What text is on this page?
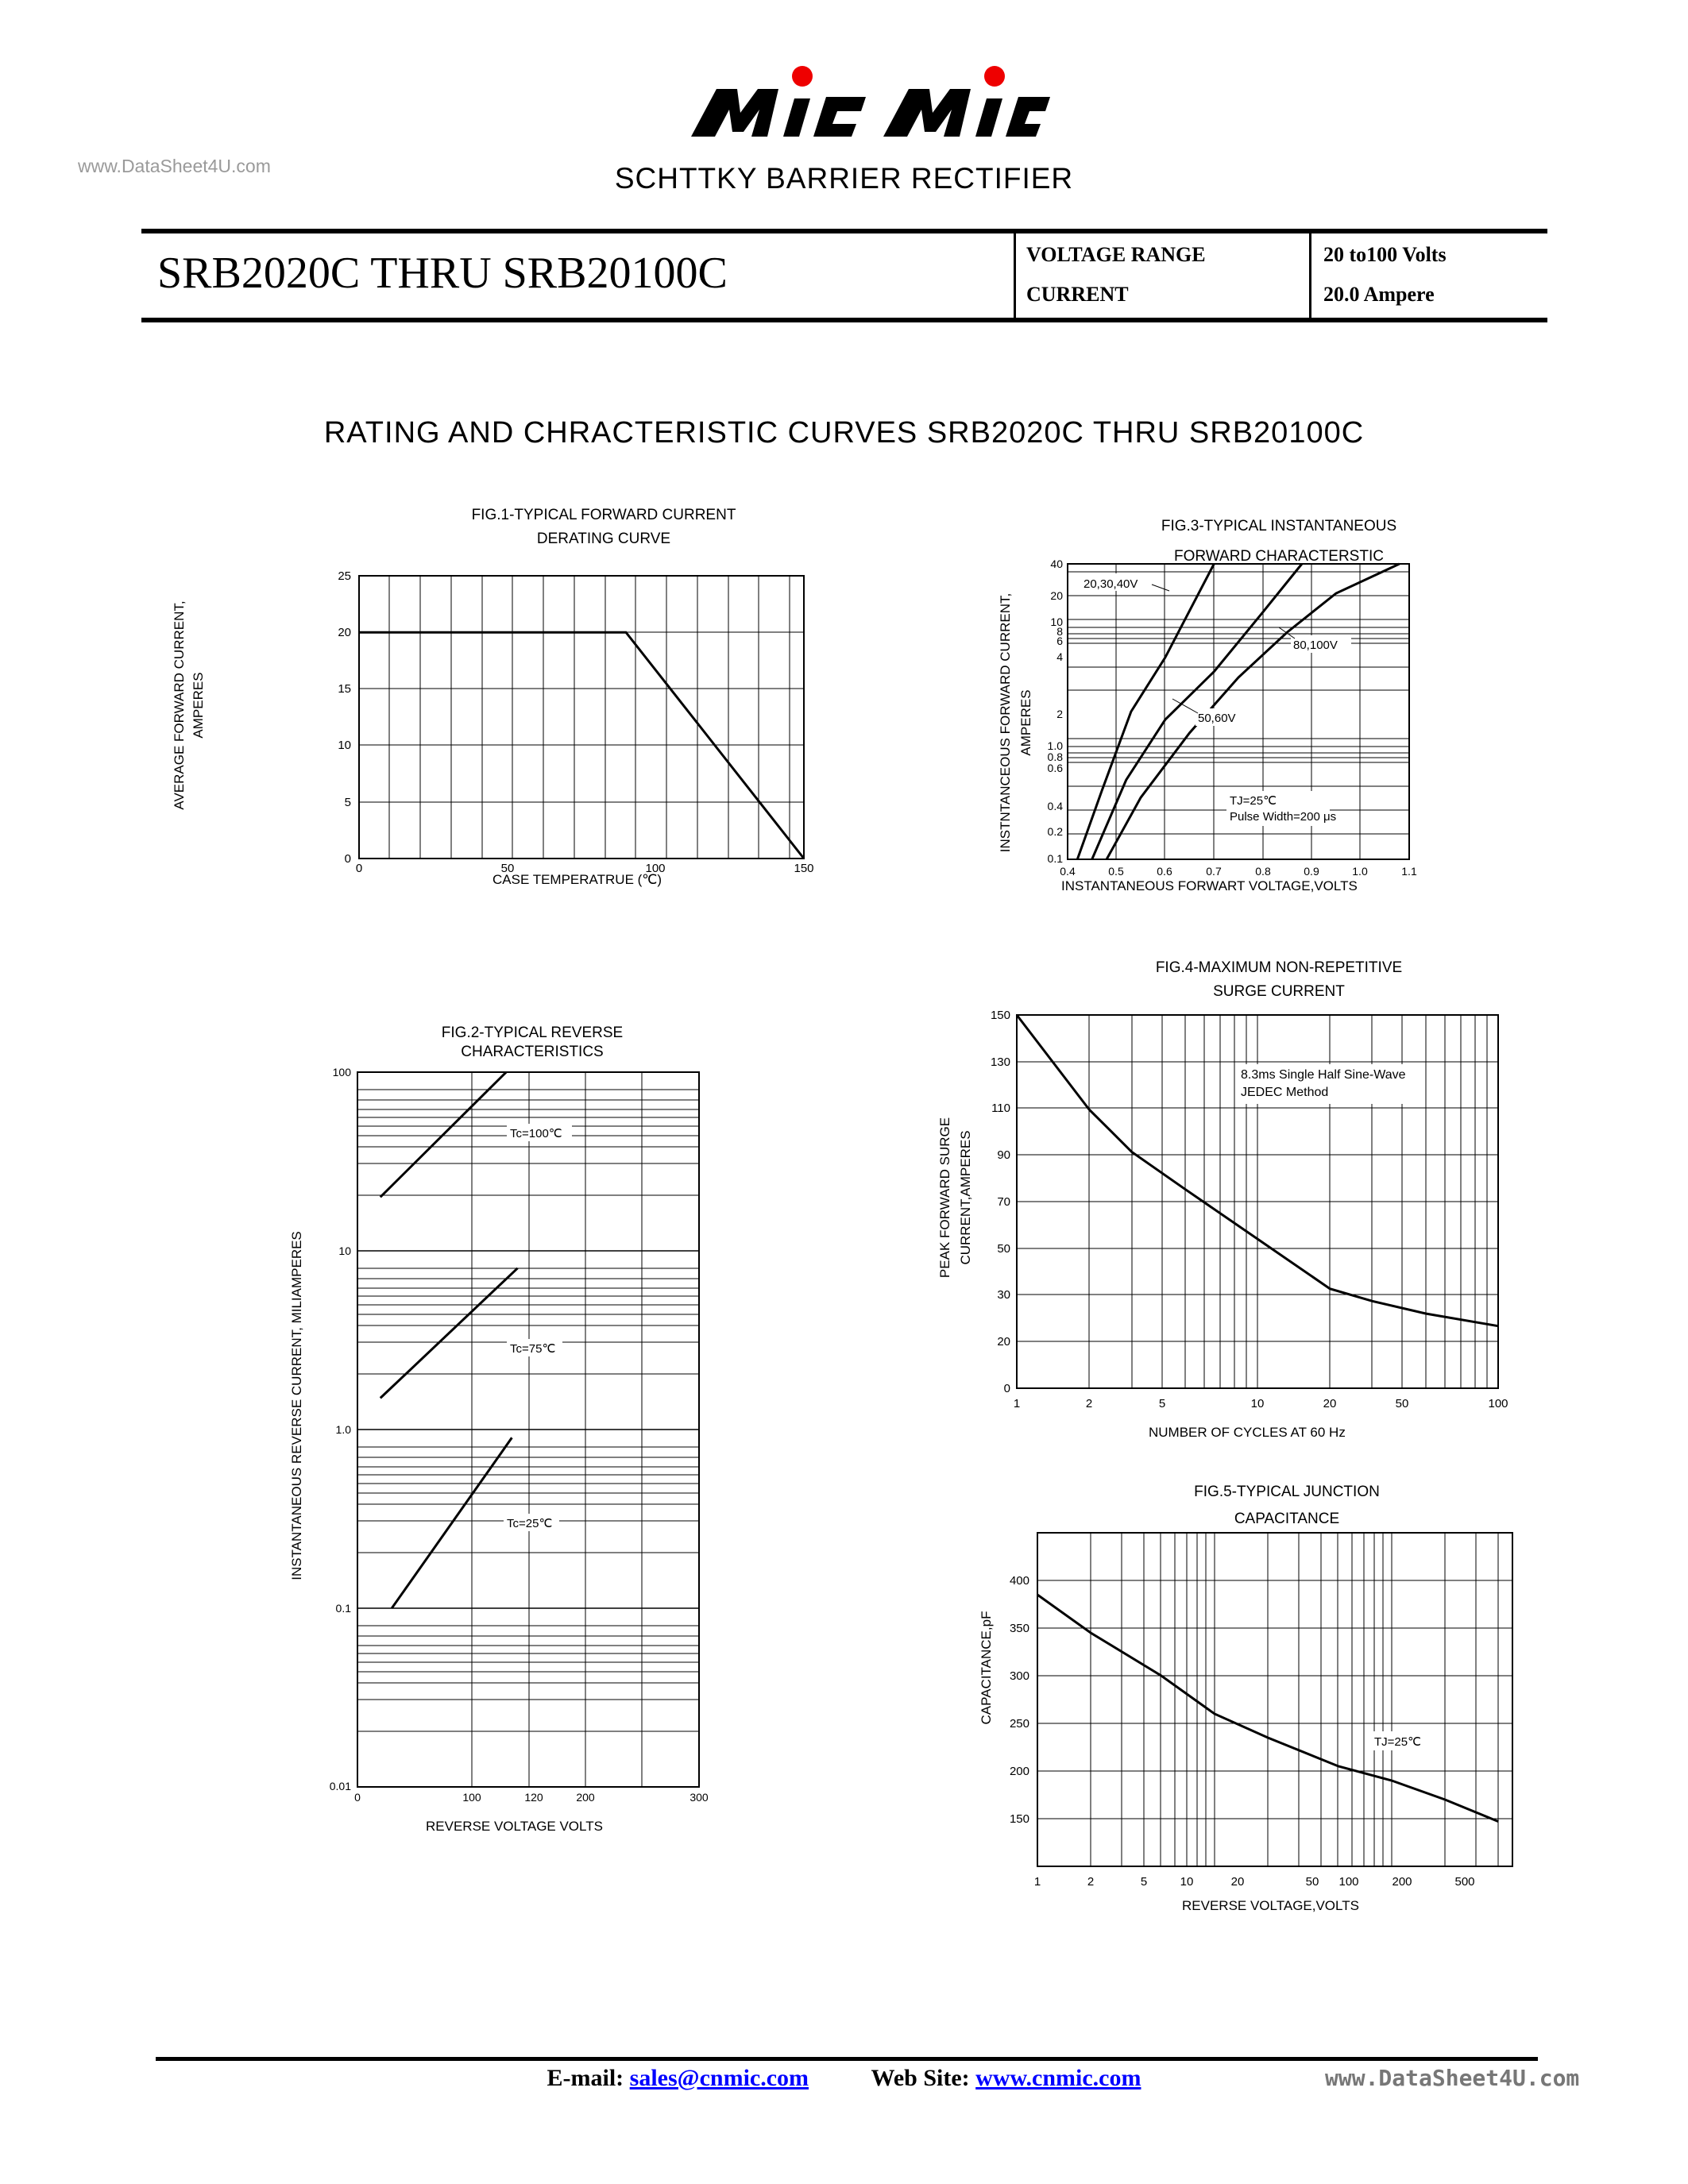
www.DataSheet4U.com	SCHTTKY BARRIER RECTIFIER
SRB2020C THRU SRB20100C	VOLTAGE RANGE	20 to100 Volts
CURRENT	20.0 Ampere
RATING AND CHRACTERISTIC CURVES SRB2020C THRU SRB20100C
FIG.1-TYPICAL FORWARD CURRENT
DERATING CURVE
25
20
15
10
5
0
0	50	100	150
CASE TEMPERATRUE (℃)
AVERAGE FORWARD CURRENT, AMPERES
FIG.3-TYPICAL INSTANTANEOUS
FORWARD CHARACTERSTIC
40
20
10
8
6
4
2
1.0
0.8
0.6
0.4
0.2
0.1
0.4	0.5	0.6	0.7	0.8	0.9	1.0	1.1
20,30,40V
80,100V
50,60V
TJ=25℃
Pulse Width=200 μs
INSTANTANEOUS FORWART VOLTAGE,VOLTS
INSTNTANCEOUS FORWARD CURRENT, AMPERES
FIG.2-TYPICAL REVERSE
CHARACTERISTICS
100
10
1.0
0.1
0.01
0	100	120	200	300
Tc=100℃
Tc=75℃
Tc=25℃
REVERSE VOLTAGE VOLTS
INSTANTANEOUS REVERSE CURRENT, MILIAMPERES
FIG.4-MAXIMUM NON-REPETITIVE
SURGE CURRENT
150
130
110
90
70
50
30
20
0
1	2	5	10	20	50	100
8.3ms Single Half Sine-Wave
JEDEC Method
NUMBER OF CYCLES AT 60 Hz
PEAK FORWARD SURGE CURRENT,AMPERES
FIG.5-TYPICAL JUNCTION
CAPACITANCE
400
350
300
250
200
150
1	2	5	10	20	50 100	200	500
TJ=25℃
REVERSE VOLTAGE,VOLTS
CAPACITANCE,pF
E-mail: sales@cnmic.com	Web Site: www.cnmic.com	www.DataSheet4U.com
